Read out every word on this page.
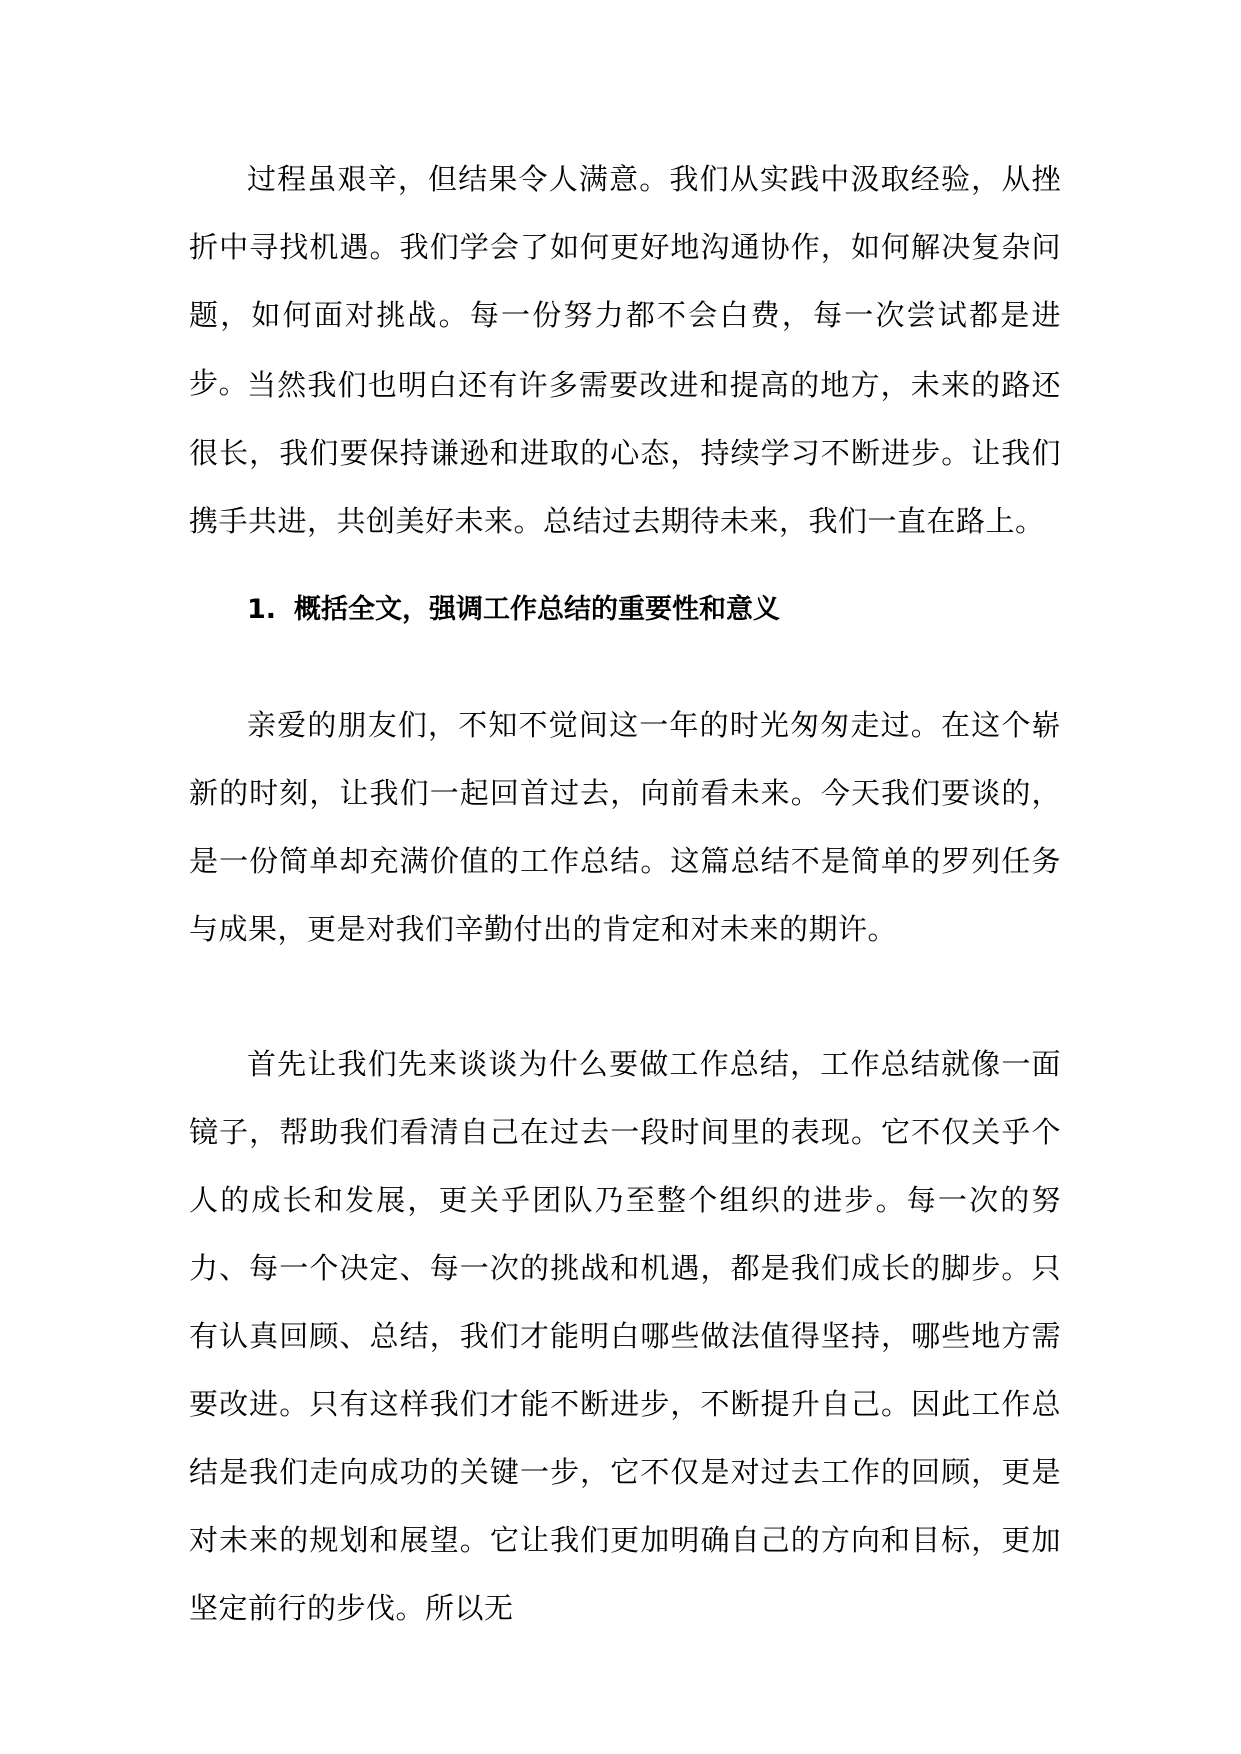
过程虽艰辛，但结果令人满意。我们从实践中汲取经验，从挫折中寻找机遇。我们学会了如何更好地沟通协作，如何解决复杂问题，如何面对挑战。每一份努力都不会白费，每一次尝试都是进步。

当然我们也明白还有许多需要改进和提高的地方，未来的路还很长，我们要保持谦逊和进取的心态，持续学习不断进步。让我们携手共进，共创美好未来。总结过去期待未来，我们一直在路上。

1. 概括全文，强调工作总结的重要性和意义

亲爱的朋友们，不知不觉间这一年的时光匆匆走过。在这个崭新的时刻，让我们一起回首过去，向前看未来。今天我们要谈的，是一份简单却充满价值的工作总结。这篇总结不是简单的罗列任务与成果，更是对我们辛勤付出的肯定和对未来的期许。

首先让我们先来谈谈为什么要做工作总结，工作总结就像一面镜子，帮助我们看清自己在过去一段时间里的表现。它不仅关乎个人的成长和发展，更关乎团队乃至整个组织的进步。每一次的努力、每一个决定、每一次的挑战和机遇，都是我们成长的脚步。只有认真回顾、总结，我们才能明白哪些做法值得坚持，哪些地方需要改进。只有这样我们才能不断进步，不断提升自己。因此工作总结是我们走向成功的关键一步，它不仅是对过去工作的回顾，更是对未来的规划和展望。它让我们更加明确自己的方向和目标，更加坚定前行的步伐。所以无
